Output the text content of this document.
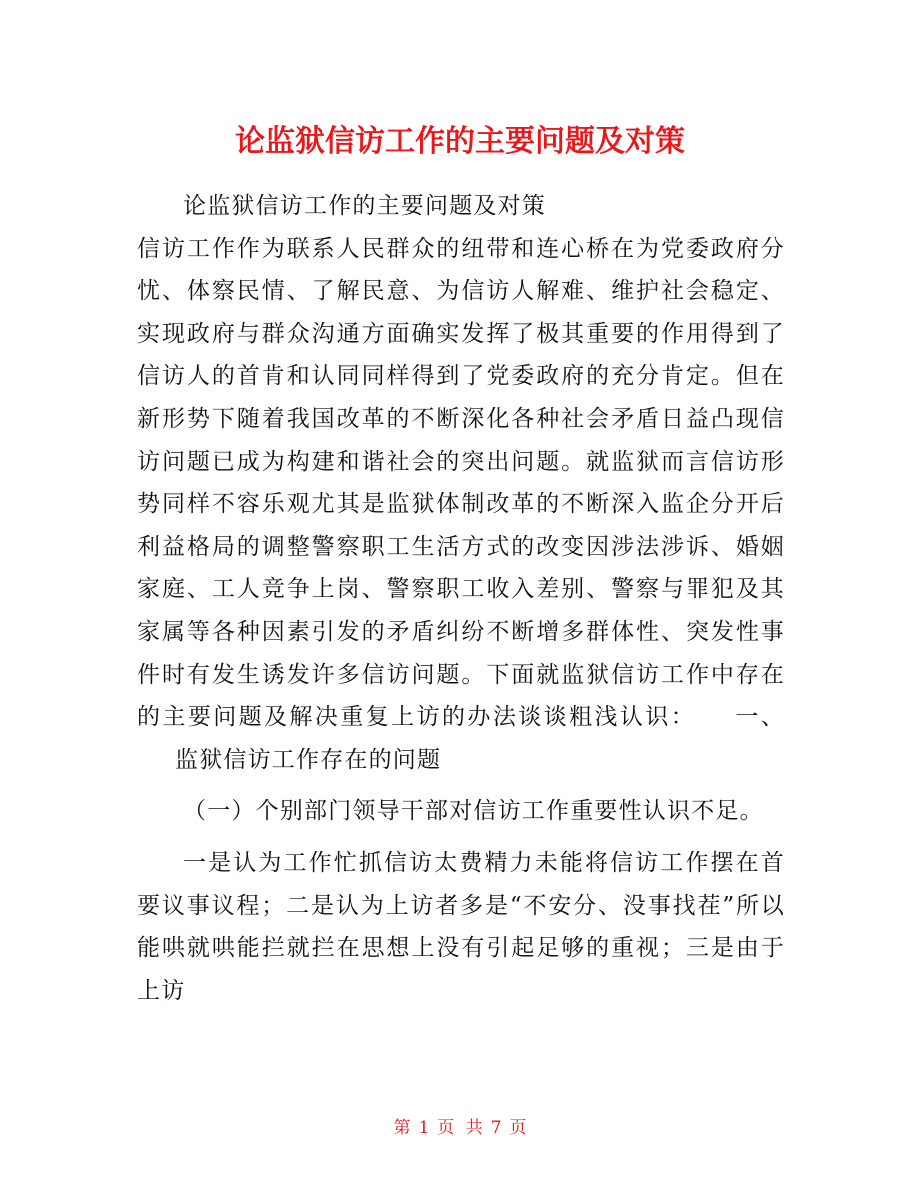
论监狱信访工作的主要问题及对策

论监狱信访工作的主要问题及对策

信访工作作为联系人民群众的纽带和连心桥在为党委政府分忧、体察民情、了解民意、为信访人解难、维护社会稳定、实现政府与群众沟通方面确实发挥了极其重要的作用得到了信访人的首肯和认同同样得到了党委政府的充分肯定。但在新形势下随着我国改革的不断深化各种社会矛盾日益凸现信访问题已成为构建和谐社会的突出问题。就监狱而言信访形势同样不容乐观尤其是监狱体制改革的不断深入监企分开后利益格局的调整警察职工生活方式的改变因涉法涉诉、婚姻家庭、工人竞争上岗、警察职工收入差别、警察与罪犯及其家属等各种因素引发的矛盾纠纷不断增多群体性、突发性事件时有发生诱发许多信访问题。下面就监狱信访工作中存在的主要问题及解决重复上访的办法谈谈粗浅认识： 一、监狱信访工作存在的问题

（一）个别部门领导干部对信访工作重要性认识不足。

一是认为工作忙抓信访太费精力未能将信访工作摆在首要议事议程；二是认为上访者多是“不安分、没事找茬”所以能哄就哄能拦就拦在思想上没有引起足够的重视；三是由于上访

第 1 页 共 7 页
